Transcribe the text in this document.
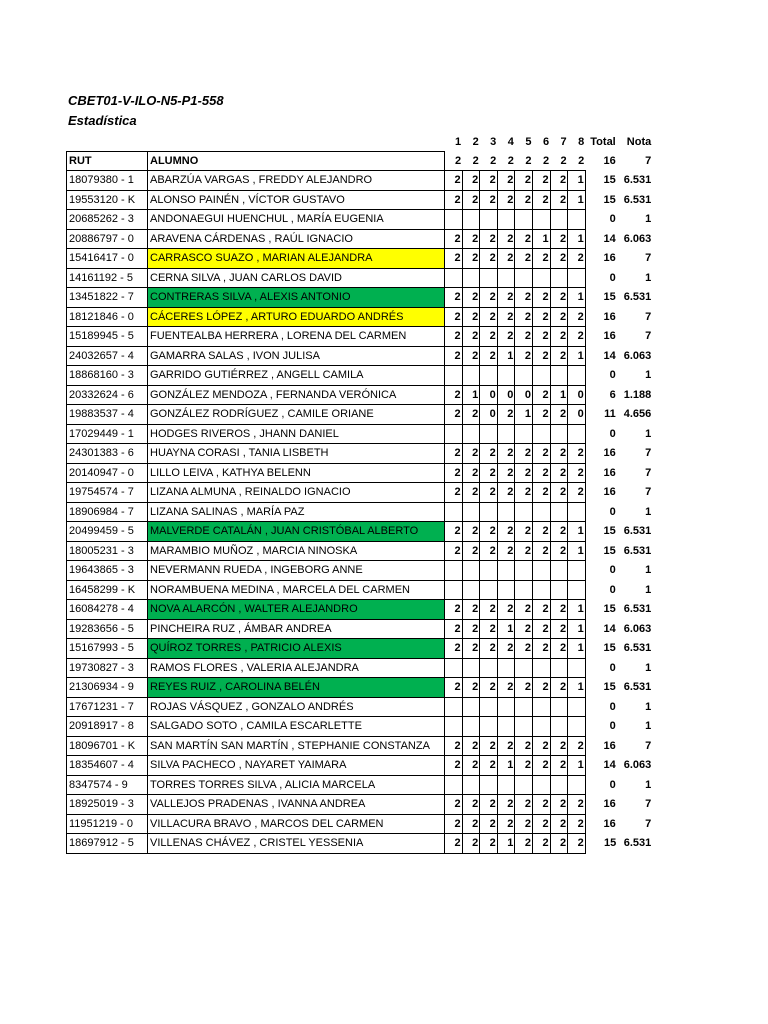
CBET01-V-ILO-N5-P1-558
Estadística
		1	2	3	4	5	6	7	8	Total	Nota
RUT	ALUMNO	2	2	2	2	2	2	2	2	16	7
18079380 - 1	ABARZÚA VARGAS , FREDDY ALEJANDRO	2	2	2	2	2	2	2	1	15	6.531
19553120 - K	ALONSO PAINÉN , VÍCTOR GUSTAVO	2	2	2	2	2	2	2	1	15	6.531
20685262 - 3	ANDONAEGUI HUENCHUL , MARÍA EUGENIA									0	1
20886797 - 0	ARAVENA CÁRDENAS , RAÚL IGNACIO	2	2	2	2	2	1	2	1	14	6.063
15416417 - 0	CARRASCO SUAZO , MARIAN ALEJANDRA	2	2	2	2	2	2	2	2	16	7
14161192 - 5	CERNA SILVA , JUAN CARLOS DAVID									0	1
13451822 - 7	CONTRERAS SILVA , ALEXIS ANTONIO	2	2	2	2	2	2	2	1	15	6.531
18121846 - 0	CÁCERES LÓPEZ , ARTURO EDUARDO ANDRÉS	2	2	2	2	2	2	2	2	16	7
15189945 - 5	FUENTEALBA HERRERA , LORENA DEL CARMEN	2	2	2	2	2	2	2	2	16	7
24032657 - 4	GAMARRA SALAS , IVON JULISA	2	2	2	1	2	2	2	1	14	6.063
18868160 - 3	GARRIDO GUTIÉRREZ , ANGELL CAMILA									0	1
20332624 - 6	GONZÁLEZ MENDOZA , FERNANDA VERÓNICA	2	1	0	0	0	2	1	0	6	1.188
19883537 - 4	GONZÁLEZ RODRÍGUEZ , CAMILE ORIANE	2	2	0	2	1	2	2	0	11	4.656
17029449 - 1	HODGES RIVEROS , JHANN DANIEL									0	1
24301383 - 6	HUAYNA CORASI , TANIA LISBETH	2	2	2	2	2	2	2	2	16	7
20140947 - 0	LILLO LEIVA , KATHYA BELENN	2	2	2	2	2	2	2	2	16	7
19754574 - 7	LIZANA ALMUNA , REINALDO IGNACIO	2	2	2	2	2	2	2	2	16	7
18906984 - 7	LIZANA SALINAS , MARÍA PAZ									0	1
20499459 - 5	MALVERDE CATALÁN , JUAN CRISTÓBAL ALBERTO	2	2	2	2	2	2	2	1	15	6.531
18005231 - 3	MARAMBIO MUÑOZ , MARCIA NINOSKA	2	2	2	2	2	2	2	1	15	6.531
19643865 - 3	NEVERMANN RUEDA , INGEBORG ANNE									0	1
16458299 - K	NORAMBUENA MEDINA , MARCELA DEL CARMEN									0	1
16084278 - 4	NOVA ALARCÓN , WALTER ALEJANDRO	2	2	2	2	2	2	2	1	15	6.531
19283656 - 5	PINCHEIRA RUZ , ÁMBAR ANDREA	2	2	2	1	2	2	2	1	14	6.063
15167993 - 5	QUÍROZ TORRES , PATRICIO ALEXIS	2	2	2	2	2	2	2	1	15	6.531
19730827 - 3	RAMOS FLORES , VALERIA ALEJANDRA									0	1
21306934 - 9	REYES RUIZ , CAROLINA BELÉN	2	2	2	2	2	2	2	1	15	6.531
17671231 - 7	ROJAS VÁSQUEZ , GONZALO ANDRÉS									0	1
20918917 - 8	SALGADO SOTO , CAMILA ESCARLETTE									0	1
18096701 - K	SAN MARTÍN SAN MARTÍN , STEPHANIE CONSTANZA	2	2	2	2	2	2	2	2	16	7
18354607 - 4	SILVA PACHECO , NAYARET YAIMARA	2	2	2	1	2	2	2	1	14	6.063
8347574 - 9	TORRES TORRES SILVA , ALICIA MARCELA									0	1
18925019 - 3	VALLEJOS PRADENAS , IVANNA ANDREA	2	2	2	2	2	2	2	2	16	7
11951219 - 0	VILLACURA BRAVO , MARCOS DEL CARMEN	2	2	2	2	2	2	2	2	16	7
18697912 - 5	VILLENAS CHÁVEZ , CRISTEL YESSENIA	2	2	2	1	2	2	2	2	15	6.531
